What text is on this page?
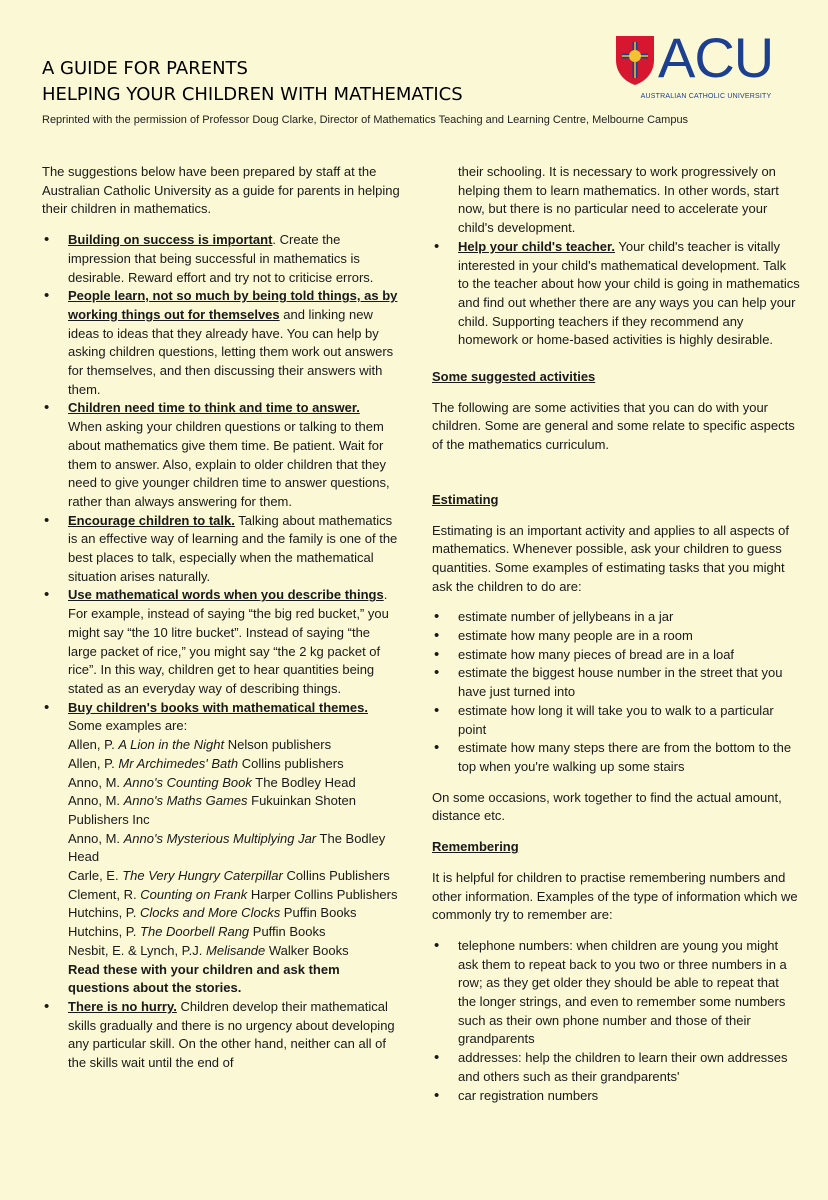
A GUIDE FOR PARENTS
HELPING YOUR CHILDREN WITH MATHEMATICS
Reprinted with the permission of Professor Doug Clarke, Director of Mathematics Teaching and Learning Centre, Melbourne Campus
ACU
AUSTRALIAN CATHOLIC UNIVERSITY

The suggestions below have been prepared by staff at the Australian Catholic University as a guide for parents in helping their children in mathematics.

• Building on success is important. Create the impression that being successful in mathematics is desirable. Reward effort and try not to criticise errors.

• People learn, not so much by being told things, as by working things out for themselves and linking new ideas to ideas that they already have. You can help by asking children questions, letting them work out answers for themselves, and then discussing their answers with them.

• Children need time to think and time to answer.
When asking your children questions or talking to them about mathematics give them time. Be patient. Wait for them to answer. Also, explain to older children that they need to give younger children time to answer questions, rather than always answering for them.

• Encourage children to talk. Talking about mathematics is an effective way of learning and the family is one of the best places to talk, especially when the mathematical situation arises naturally.

• Use mathematical words when you describe things. For example, instead of saying “the big red bucket,” you might say “the 10 litre bucket”. Instead of saying “the large packet of rice,” you might say “the 2 kg packet of rice”. In this way, children get to hear quantities being stated as an everyday way of describing things.

• Buy children's books with mathematical themes.
Some examples are:

Allen, P. A Lion in the Night Nelson publishers

Allen, P. Mr Archimedes' Bath Collins publishers

Anno, M. Anno's Counting Book The Bodley Head

Anno, M. Anno's Maths Games Fukuinkan Shoten Publishers Inc

Anno, M. Anno's Mysterious Multiplying Jar The Bodley Head

Carle, E. The Very Hungry Caterpillar Collins Publishers

Clement, R. Counting on Frank Harper Collins Publishers

Hutchins, P. Clocks and More Clocks Puffin Books

Hutchins, P. The Doorbell Rang Puffin Books

Nesbit, E. & Lynch, P.J. Melisande Walker Books

Read these with your children and ask them questions about the stories.

• There is no hurry. Children develop their mathematical skills gradually and there is no urgency about developing any particular skill. On the other hand, neither can all of the skills wait until the end of

their schooling. It is necessary to work progressively on helping them to learn mathematics. In other words, start now, but there is no particular need to accelerate your child's development.

• Help your child's teacher. Your child's teacher is vitally interested in your child's mathematical development. Talk to the teacher about how your child is going in mathematics and find out whether there are any ways you can help your child. Supporting teachers if they recommend any homework or home-based activities is highly desirable.

Some suggested activities

The following are some activities that you can do with your children. Some are general and some relate to specific aspects of the mathematics curriculum.

Estimating

Estimating is an important activity and applies to all aspects of mathematics. Whenever possible, ask your children to guess quantities. Some examples of estimating tasks that you might ask the children to do are:

• estimate number of jellybeans in a jar

• estimate how many people are in a room

• estimate how many pieces of bread are in a loaf

• estimate the biggest house number in the street that you have just turned into

• estimate how long it will take you to walk to a particular point

• estimate how many steps there are from the bottom to the top when you're walking up some stairs

On some occasions, work together to find the actual amount, distance etc.

Remembering

It is helpful for children to practise remembering numbers and other information. Examples of the type of information which we commonly try to remember are:

• telephone numbers: when children are young you might ask them to repeat back to you two or three numbers in a row; as they get older they should be able to repeat that the longer strings, and even to remember some numbers such as their own phone number and those of their grandparents

• addresses: help the children to learn their own addresses and others such as their grandparents'

• car registration numbers
